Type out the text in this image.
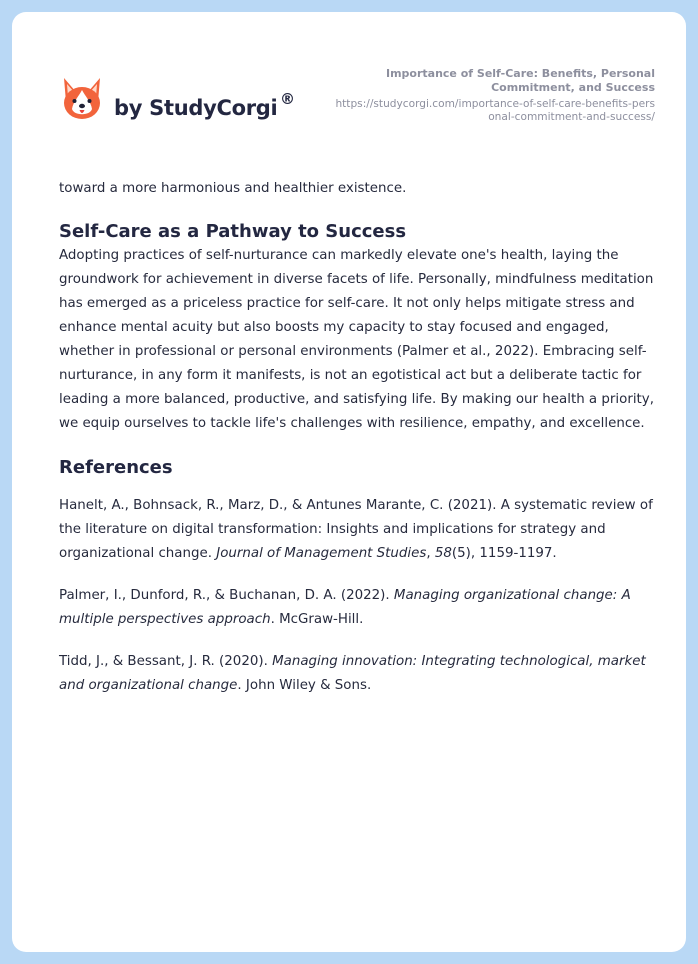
by StudyCorgi ®
Importance of Self-Care: Benefits, Personal Commitment, and Success
https://studycorgi.com/importance-of-self-care-benefits-personal-commitment-and-success/

toward a more harmonious and healthier existence.

Self-Care as a Pathway to Success

Adopting practices of self-nurturance can markedly elevate one's health, laying the groundwork for achievement in diverse facets of life. Personally, mindfulness meditation has emerged as a priceless practice for self-care. It not only helps mitigate stress and enhance mental acuity but also boosts my capacity to stay focused and engaged, whether in professional or personal environments (Palmer et al., 2022). Embracing self-nurturance, in any form it manifests, is not an egotistical act but a deliberate tactic for leading a more balanced, productive, and satisfying life. By making our health a priority, we equip ourselves to tackle life's challenges with resilience, empathy, and excellence.

References

Hanelt, A., Bohnsack, R., Marz, D., & Antunes Marante, C. (2021). A systematic review of the literature on digital transformation: Insights and implications for strategy and organizational change. Journal of Management Studies, 58(5), 1159-1197.

Palmer, I., Dunford, R., & Buchanan, D. A. (2022). Managing organizational change: A multiple perspectives approach. McGraw-Hill.

Tidd, J., & Bessant, J. R. (2020). Managing innovation: Integrating technological, market and organizational change. John Wiley & Sons.
